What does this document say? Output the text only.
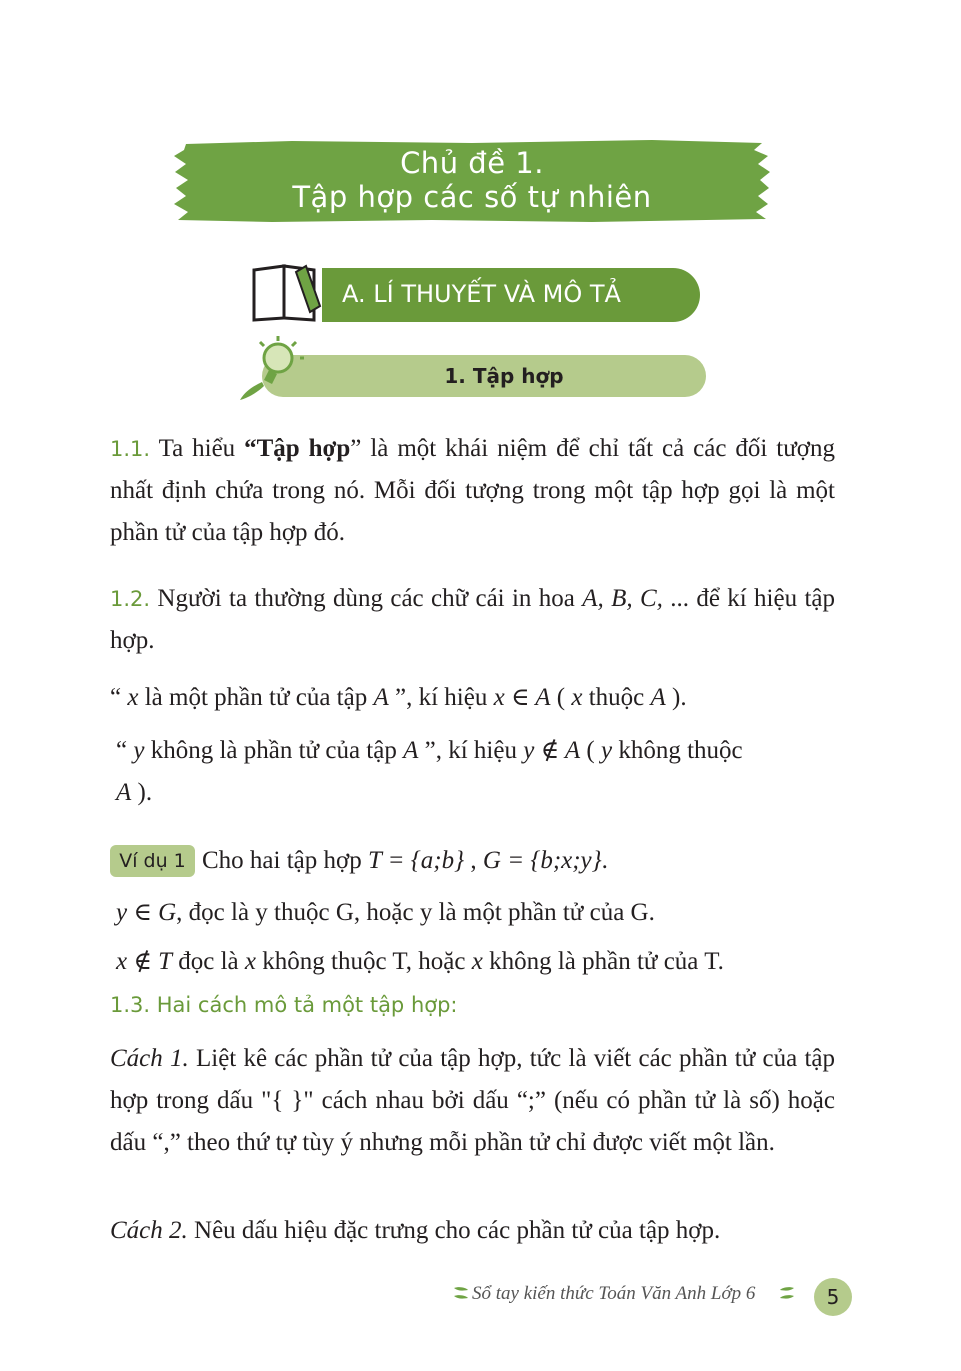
Chủ đề 1.
Tập hợp các số tự nhiên
A. LÍ THUYẾT VÀ MÔ TẢ
1. Tập hợp
1.1. Ta hiểu “Tập hợp” là một khái niệm để chỉ tất cả các đối tượng nhất định chứa trong nó. Mỗi đối tượng trong một tập hợp gọi là một phần tử của tập hợp đó.
1.2. Người ta thường dùng các chữ cái in hoa A, B, C, ... để kí hiệu tập hợp.
“ x là một phần tử của tập A ”, kí hiệu x ∈ A ( x thuộc A ).
“ y không là phần tử của tập A ”, kí hiệu y ∉ A ( y không thuộc
A ).
Ví dụ 1 Cho hai tập hợp T = {a;b} , G = {b;x;y}.
y ∈ G, đọc là y thuộc G, hoặc y là một phần tử của G.
x ∉ T đọc là x không thuộc T, hoặc x không là phần tử của T.
1.3. Hai cách mô tả một tập hợp:
Cách 1. Liệt kê các phần tử của tập hợp, tức là viết các phần tử của tập hợp trong dấu "{ }" cách nhau bởi dấu “;” (nếu có phần tử là số) hoặc dấu “,” theo thứ tự tùy ý nhưng mỗi phần tử chỉ được viết một lần.
Cách 2. Nêu dấu hiệu đặc trưng cho các phần tử của tập hợp.
Sổ tay kiến thức Toán Văn Anh Lớp 6	5
